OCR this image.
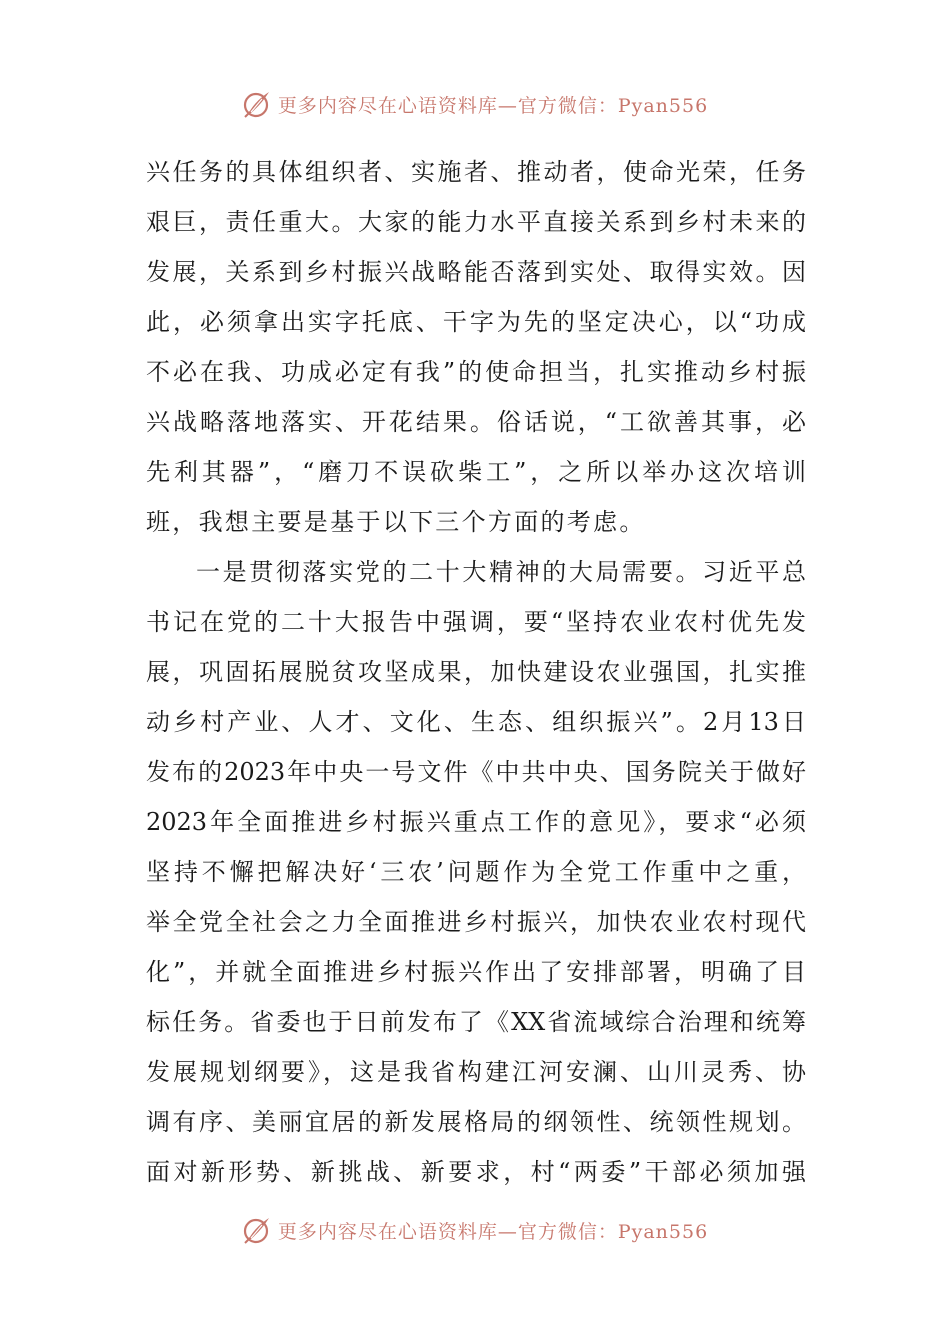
更多内容尽在心语资料库—官方微信：Pyan556
兴任务的具体组织者、实施者、推动者，使命光荣，任务
艰巨，责任重大。大家的能力水平直接关系到乡村未来的
发展，关系到乡村振兴战略能否落到实处、取得实效。因
此，必须拿出实字托底、干字为先的坚定决心，以“功成
不必在我、功成必定有我”的使命担当，扎实推动乡村振
兴战略落地落实、开花结果。俗话说，“工欲善其事，必
先利其器”，“磨刀不误砍柴工”，之所以举办这次培训
班，我想主要是基于以下三个方面的考虑。
一是贯彻落实党的二十大精神的大局需要。习近平总
书记在党的二十大报告中强调，要“坚持农业农村优先发
展，巩固拓展脱贫攻坚成果，加快建设农业强国，扎实推
动乡村产业、人才、文化、生态、组织振兴”。2月13日
发布的2023年中央一号文件《中共中央、国务院关于做好
2023年全面推进乡村振兴重点工作的意见》，要求“必须
坚持不懈把解决好‘三农’问题作为全党工作重中之重，
举全党全社会之力全面推进乡村振兴，加快农业农村现代
化”，并就全面推进乡村振兴作出了安排部署，明确了目
标任务。省委也于日前发布了《XX省流域综合治理和统筹
发展规划纲要》，这是我省构建江河安澜、山川灵秀、协
调有序、美丽宜居的新发展格局的纲领性、统领性规划。
面对新形势、新挑战、新要求，村“两委”干部必须加强
更多内容尽在心语资料库—官方微信：Pyan556
